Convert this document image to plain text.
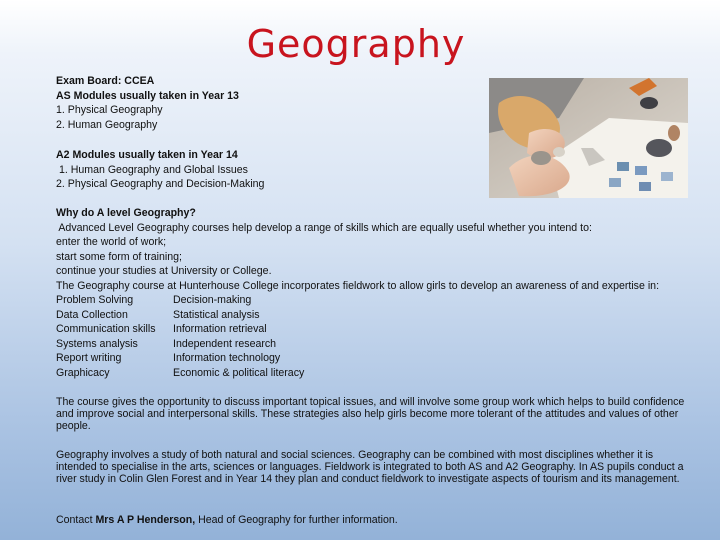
Geography
Exam Board: CCEA
AS Modules usually taken in Year 13
1. Physical Geography
2. Human Geography
A2 Modules usually taken in Year 14
1. Human Geography and Global Issues
2. Physical Geography and Decision-Making
Why do A level Geography?
Advanced Level Geography courses help develop a range of skills which are equally useful whether you intend to:
enter the world of work;
start some form of training;
continue your studies at University or College.
The Geography course at Hunterhouse College incorporates fieldwork to allow girls to develop an awareness of and expertise in:
Problem Solving	Decision-making
Data Collection	Statistical analysis
Communication skills	Information retrieval
Systems analysis	Independent research
Report writing	Information technology
Graphicacy	Economic & political literacy
The course gives the opportunity to discuss important topical issues, and will involve some group work which helps to build confidence and improve social and interpersonal skills. These strategies also help girls become more tolerant of the attitudes and values of other people.
Geography involves a study of both natural and social sciences. Geography can be combined with most disciplines whether it is intended to specialise in the arts, sciences or languages. Fieldwork is integrated to both AS and A2 Geography. In AS pupils conduct a river study in Colin Glen Forest and in Year 14 they plan and conduct fieldwork to investigate aspects of tourism and its management.
Contact Mrs A P Henderson, Head of Geography for further information.
